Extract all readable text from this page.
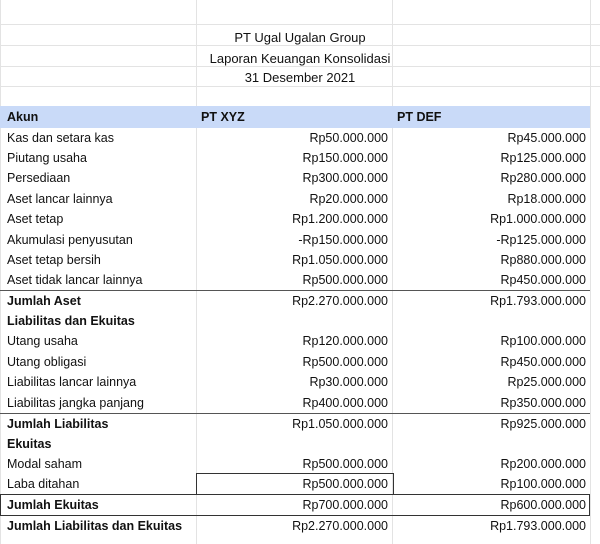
PT Ugal Ugalan Group
Laporan Keuangan Konsolidasi
31 Desember 2021
Akun	PT XYZ	PT DEF
Kas dan setara kas	Rp50.000.000	Rp45.000.000
Piutang usaha	Rp150.000.000	Rp125.000.000
Persediaan	Rp300.000.000	Rp280.000.000
Aset lancar lainnya	Rp20.000.000	Rp18.000.000
Aset tetap	Rp1.200.000.000	Rp1.000.000.000
Akumulasi penyusutan	-Rp150.000.000	-Rp125.000.000
Aset tetap bersih	Rp1.050.000.000	Rp880.000.000
Aset tidak lancar lainnya	Rp500.000.000	Rp450.000.000
Jumlah Aset	Rp2.270.000.000	Rp1.793.000.000
Liabilitas dan Ekuitas
Utang usaha	Rp120.000.000	Rp100.000.000
Utang obligasi	Rp500.000.000	Rp450.000.000
Liabilitas lancar lainnya	Rp30.000.000	Rp25.000.000
Liabilitas jangka panjang	Rp400.000.000	Rp350.000.000
Jumlah Liabilitas	Rp1.050.000.000	Rp925.000.000
Ekuitas
Modal saham	Rp500.000.000	Rp200.000.000
Laba ditahan	Rp500.000.000	Rp100.000.000
Jumlah Ekuitas	Rp700.000.000	Rp600.000.000
Jumlah Liabilitas dan Ekuitas	Rp2.270.000.000	Rp1.793.000.000
